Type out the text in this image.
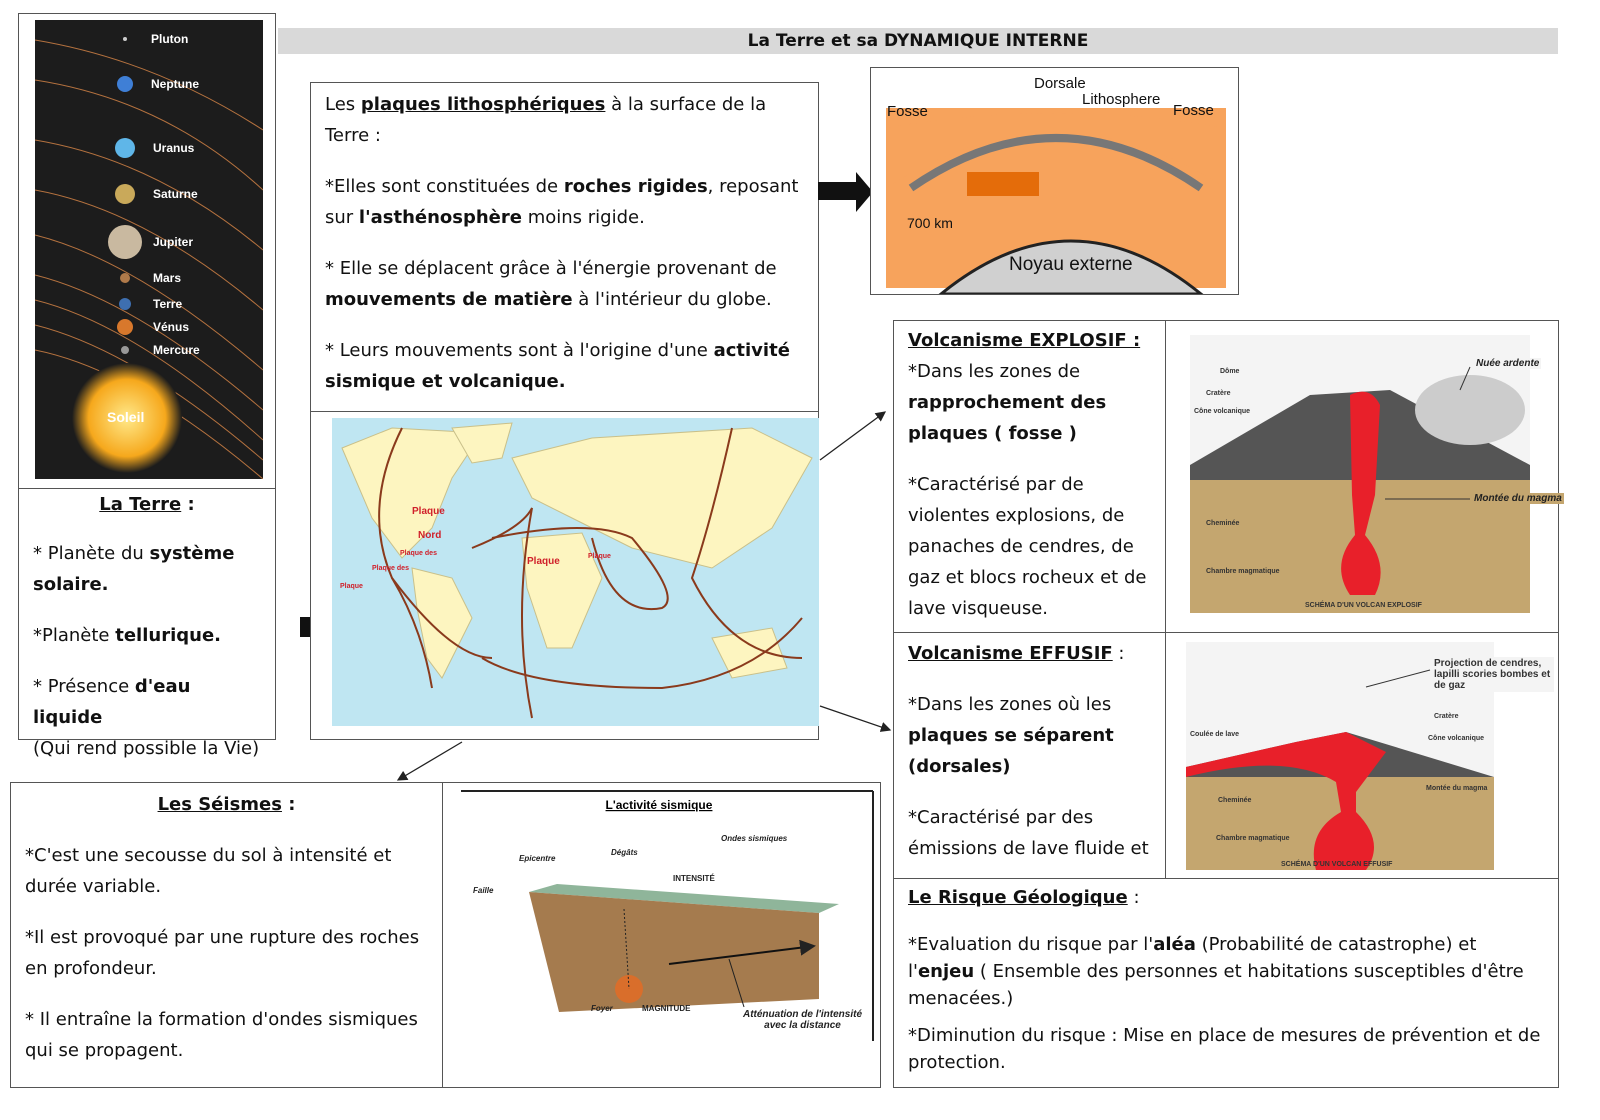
La Terre et sa DYNAMIQUE INTERNE
Pluton
Neptune
Uranus
Saturne
Jupiter
Mars
Terre
Vénus
Mercure
Soleil
La Terre :

* Planète du système solaire.

*Planète tellurique.

* Présence d'eau liquide
(Qui rend possible la Vie)

Les plaques lithosphériques à la surface de la Terre :

*Elles sont constituées de roches rigides, reposant sur l'asthénosphère moins rigide.

* Elle se déplacent grâce à l'énergie provenant de mouvements de matière à l'intérieur du globe.

* Leurs mouvements sont à l'origine d'une activité sismique et volcanique.

Plaque
Nord
Plaque des
Plaque des
Plaque
Plaque	Plaque
Dorsale
Fosse
Lithosphere
Fosse
700 km
Noyau externe
Volcanisme EXPLOSIF :

*Dans les zones de rapprochement des plaques ( fosse )

*Caractérisé par de violentes explosions, de panaches de cendres, de gaz et blocs rocheux et de lave visqueuse.

Volcanisme EFFUSIF :

*Dans les zones où les plaques se séparent (dorsales)

*Caractérisé par des émissions de lave fluide et

Dôme
Cratère
Cône volcanique
Cheminée
Chambre magmatique
SCHÉMA D'UN VOLCAN EXPLOSIF
Nuée ardente
Montée du magma
Cratère
Cône volcanique
Coulée de lave
Montée du magma
Cheminée
Chambre magmatique
SCHÉMA D'UN VOLCAN EFFUSIF
Projection de cendres, lapilli scories bombes et de gaz
Le Risque Géologique :

*Evaluation du risque par l'aléa (Probabilité de catastrophe) et l'enjeu ( Ensemble des personnes et habitations susceptibles d'être menacées.)

*Diminution du risque : Mise en place de mesures de prévention et de protection.

Les Séismes :

*C'est une secousse du sol à intensité et durée variable.

*Il est provoqué par une rupture des roches en profondeur.

* Il entraîne la formation d'ondes sismiques qui se propagent.

L'activité sismique
Epicentre
Dégâts
Ondes sismiques
INTENSITÉ
Faille
Foyer	MAGNITUDE
Atténuation de l'intensité avec la distance
